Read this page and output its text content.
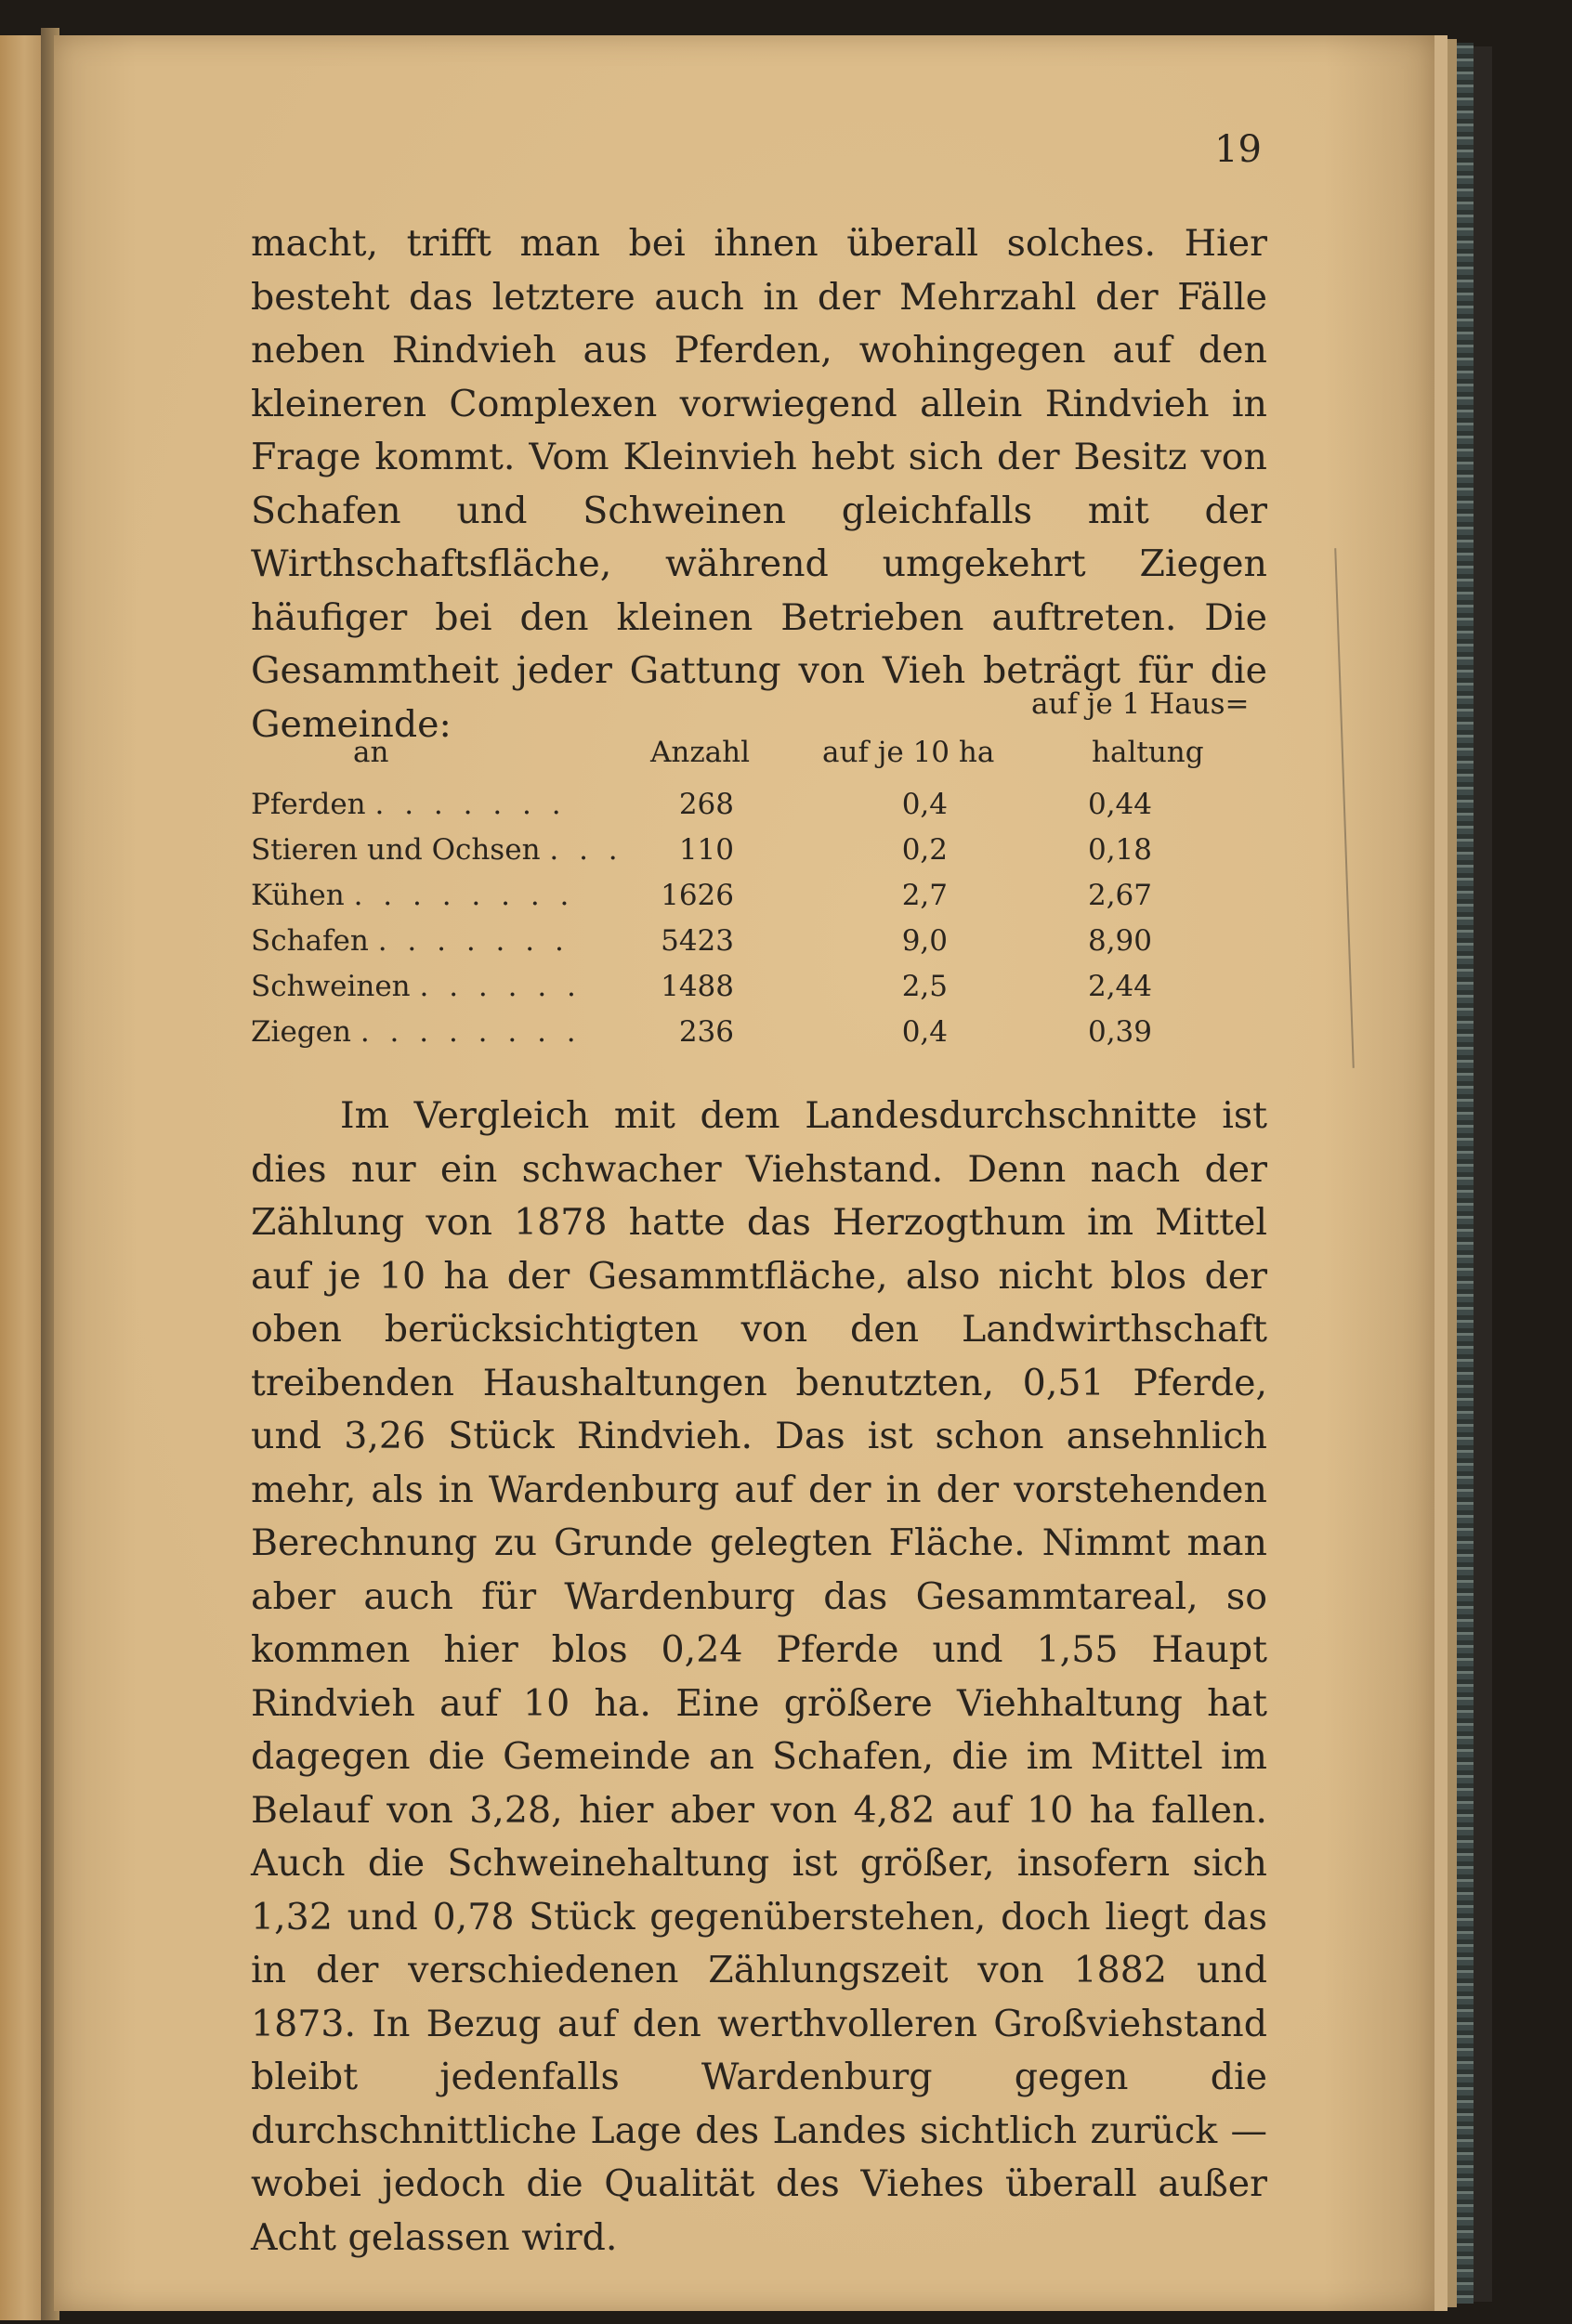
19
macht, trifft man bei ihnen überall solches. Hier besteht das letztere auch in der Mehrzahl der Fälle neben Rindvieh aus Pferden, wohingegen auf den kleineren Complexen vorwiegend allein Rindvieh in Frage kommt. Vom Kleinvieh hebt sich der Besitz von Schafen und Schweinen gleichfalls mit der Wirthschaftsfläche, während umgekehrt Ziegen häufiger bei den kleinen Betrieben auftreten. Die Gesammtheit jeder Gattung von Vieh beträgt für die Gemeinde:	auf je 1 Haus=
an	Anzahl	auf je 10 ha	haltung
Pferden . . . . . . .	268	0,4	0,44
Stieren und Ochsen . . .	110	0,2	0,18
Kühen . . . . . . . .	1626	2,7	2,67
Schafen . . . . . . .	5423	9,0	8,90
Schweinen . . . . . .	1488	2,5	2,44
Ziegen . . . . . . . .	236	0,4	0,39
Im Vergleich mit dem Landesdurchschnitte ist dies nur ein schwacher Viehstand. Denn nach der Zählung von 1878 hatte das Herzogthum im Mittel auf je 10 ha der Gesammtfläche, also nicht blos der oben berücksichtigten von den Landwirthschaft treibenden Haushaltungen benutzten, 0,51 Pferde, und 3,26 Stück Rindvieh. Das ist schon ansehnlich mehr, als in Wardenburg auf der in der vorstehenden Berechnung zu Grunde gelegten Fläche. Nimmt man aber auch für Wardenburg das Gesammtareal, so kommen hier blos 0,24 Pferde und 1,55 Haupt Rindvieh auf 10 ha. Eine größere Viehhaltung hat dagegen die Gemeinde an Schafen, die im Mittel im Belauf von 3,28, hier aber von 4,82 auf 10 ha fallen. Auch die Schweinehaltung ist größer, insofern sich 1,32 und 0,78 Stück gegenüberstehen, doch liegt das in der verschiedenen Zählungszeit von 1882 und 1873. In Bezug auf den werthvolleren Großviehstand bleibt jedenfalls Wardenburg gegen die durchschnittliche Lage des Landes sichtlich zurück — wobei jedoch die Qualität des Viehes überall außer Acht gelassen wird.
